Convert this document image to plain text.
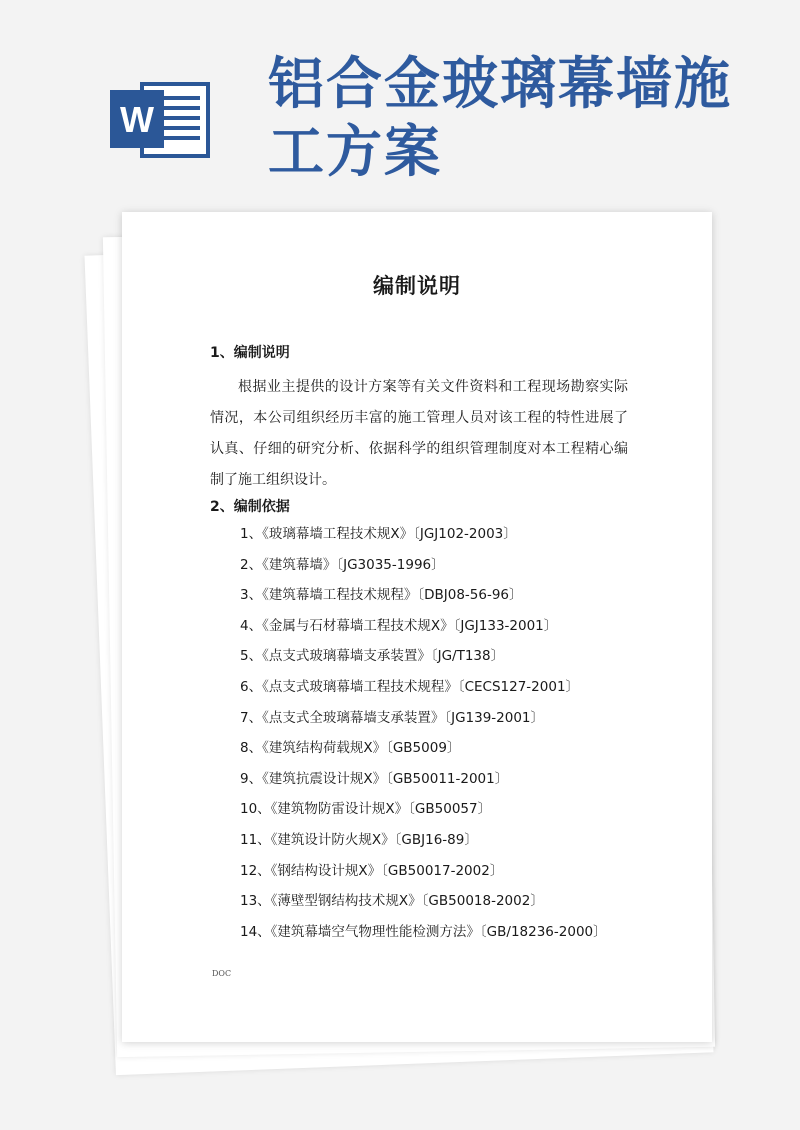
W
铝合金玻璃幕墙施工方案
编制说明
1、编制说明

根据业主提供的设计方案等有关文件资料和工程现场勘察实际情况，本公司组织经历丰富的施工管理人员对该工程的特性进展了认真、仔细的研究分析、依据科学的组织管理制度对本工程精心编制了施工组织设计。

2、编制依据
1、《玻璃幕墙工程技术规X》〔JGJ102-2003〕
2、《建筑幕墙》〔JG3035-1996〕
3、《建筑幕墙工程技术规程》〔DBJ08-56-96〕
4、《金属与石材幕墙工程技术规X》〔JGJ133-2001〕
5、《点支式玻璃幕墙支承装置》〔JG/T138〕
6、《点支式玻璃幕墙工程技术规程》〔CECS127-2001〕
7、《点支式全玻璃幕墙支承装置》〔JG139-2001〕
8、《建筑结构荷载规X》〔GB5009〕
9、《建筑抗震设计规X》〔GB50011-2001〕
10、《建筑物防雷设计规X》〔GB50057〕
11、《建筑设计防火规X》〔GBJ16-89〕
12、《钢结构设计规X》〔GB50017-2002〕
13、《薄壁型钢结构技术规X》〔GB50018-2002〕
14、《建筑幕墙空气物理性能检测方法》〔GB/18236-2000〕
DOC
